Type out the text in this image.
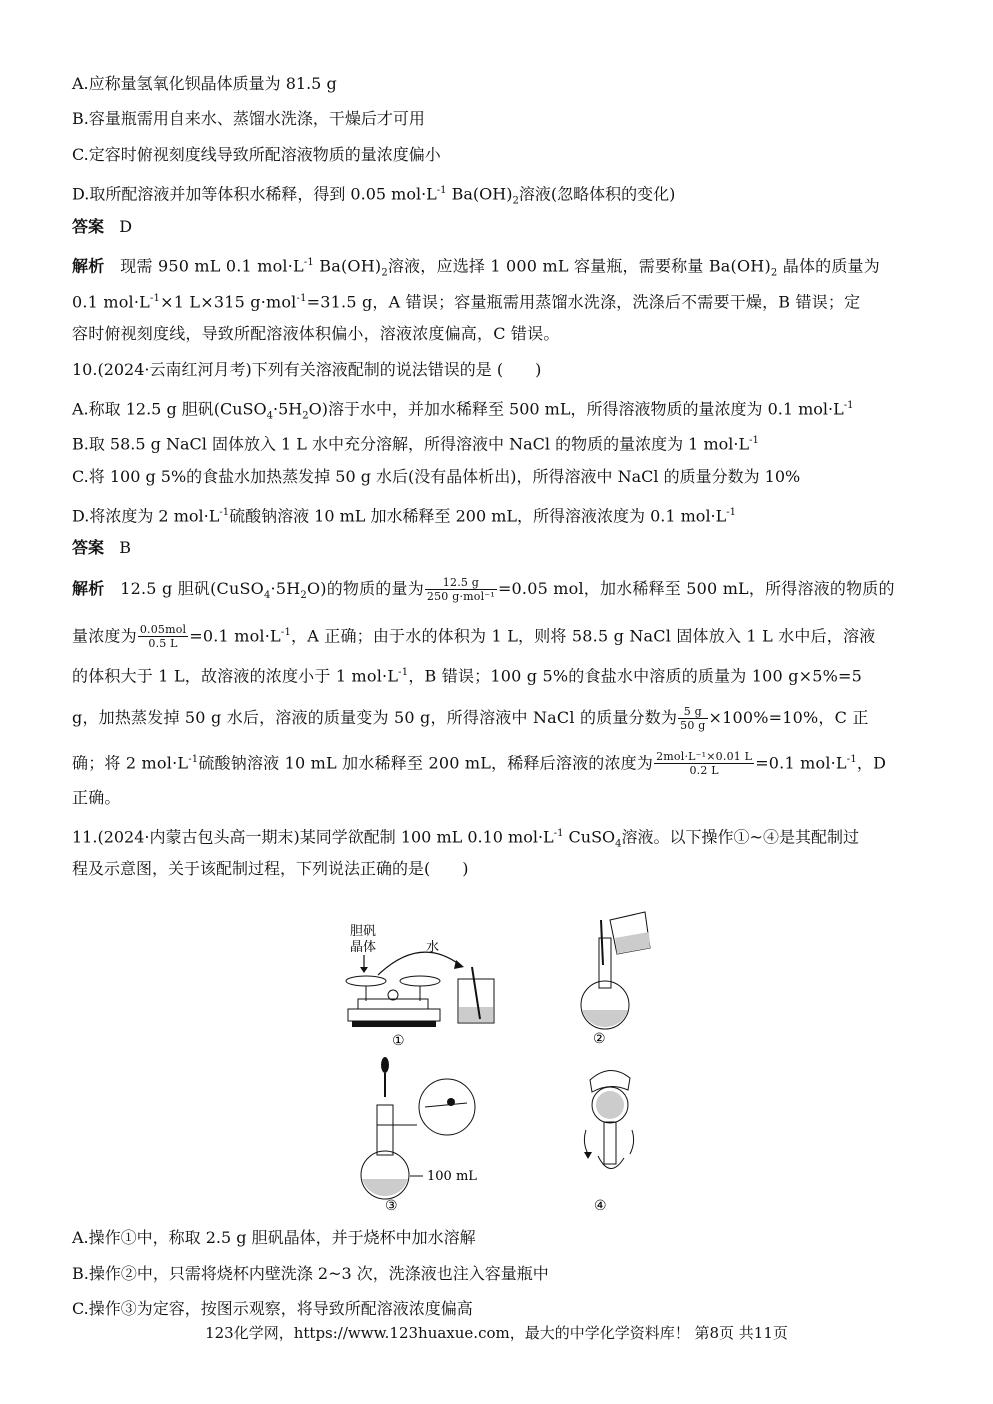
A.应称量氢氧化钡晶体质量为 81.5 g
B.容量瓶需用自来水、蒸馏水洗涤，干燥后才可用
C.定容时俯视刻度线导致所配溶液物质的量浓度偏小
D.取所配溶液并加等体积水稀释，得到 0.05 $mol\cdot L^{-1}$ $Ba(OH)_2$溶液(忽略体积的变化)
答案 D
解析 现需 950 mL 0.1 $mol\cdot L^{-1}$ $Ba(OH)_2$溶液，应选择 1 000 mL 容量瓶，需要称量 $Ba(OH)_2$ 晶体的质量为
0.1 $mol\cdot L^{-1}\times 1$ L×315 g·mol$^{-1}$=31.5 g，A 错误；容量瓶需用蒸馏水洗涤，洗涤后不需要干燥，B 错误；定
容时俯视刻度线，导致所配溶液体积偏小，溶液浓度偏高，C 错误。
10.(2024·云南红河月考)下列有关溶液配制的说法错误的是 (　　)
A.称取 12.5 g 胆矾$(CuSO_4\cdot 5H_2O)$溶于水中，并加水稀释至 500 mL，所得溶液物质的量浓度为 0.1 $mol\cdot L^{-1}$
B.取 58.5 g NaCl 固体放入 1 L 水中充分溶解，所得溶液中 NaCl 的物质的量浓度为 1 $mol\cdot L^{-1}$
C.将 100 g 5%的食盐水加热蒸发掉 50 g 水后(没有晶体析出)，所得溶液中 NaCl 的质量分数为 10%
D.将浓度为 2 $mol\cdot L^{-1}$硫酸钠溶液 10 mL 加水稀释至 200 mL，所得溶液浓度为 0.1 $mol\cdot L^{-1}$
答案 B
解析 12.5 g 胆矾$(CuSO_4\cdot 5H_2O)$的物质的量为 $\frac{12.5 g}{\text{250 g·mol⁻¹}} =0.05$ mol，加水稀释至 500 mL，所得溶液的物质的
量浓度为 $\frac{\text{0.05mol}}{0.5 L} =0.1$ $mol\cdot L^{-1}$，A 正确；由于水的体积为 1 L，则将 58.5 g NaCl 固体放入 1 L 水中后，溶液
的体积大于 1 L，故溶液的浓度小于 1 $mol\cdot L^{-1}$，B 错误；100 g 5%的食盐水中溶质的质量为 100 g×5%=5
g，加热蒸发掉 50 g 水后，溶液的质量变为 50 g，所得溶液中 NaCl 的质量分数为 $\frac{5 g}{50 g} \times 100\%=10\%$，C 正
确；将 2 $mol\cdot L^{-1}$硫酸钠溶液 10 mL 加水稀释至 200 mL，稀释后溶液的浓度为 $\frac{\text{2mol·L⁻¹×0.01 L}}{0.2 L} =0.1$ $mol\cdot L^{-1}$，D
正确。
11.(2024·内蒙古包头高一期末)某同学欲配制 100 mL 0.10 $mol\cdot L^{-1}$ CuSO$_4$溶液。以下操作①~④是其配制过
程及示意图，关于该配制过程，下列说法正确的是(　　)
胆矾
晶体	水
①	②
100 mL
③	④
A.操作①中，称取 2.5 g 胆矾晶体，并于烧杯中加水溶解
B.操作②中，只需将烧杯内壁洗涤 2~3 次，洗涤液也注入容量瓶中
C.操作③为定容，按图示观察，将导致所配溶液浓度偏高
123化学网，https://www.123huaxue.com，最大的中学化学资料库！ 第8页 共11页
